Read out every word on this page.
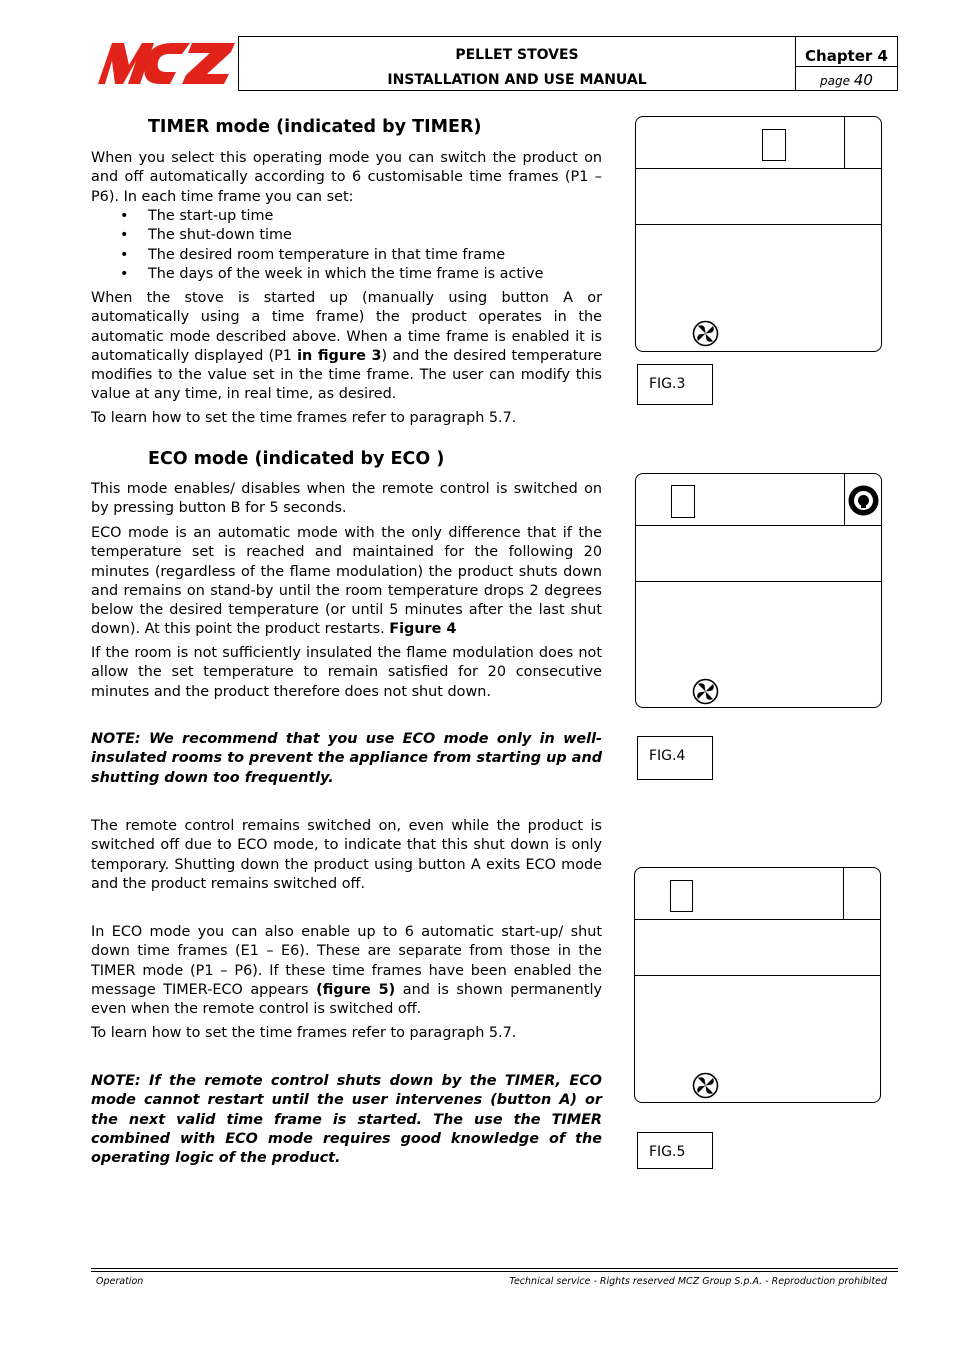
MCZ
PELLET STOVES
INSTALLATION AND USE MANUAL
Chapter 4
page 40
TIMER mode (indicated by TIMER)
When you select this operating mode you can switch the product on and off automatically according to 6 customisable time frames (P1 – P6). In each time frame you can set:
• The start-up time
• The shut-down time
• The desired room temperature in that time frame
• The days of the week in which the time frame is active
When the stove is started up (manually using button A or automatically using a time frame) the product operates in the automatic mode described above. When a time frame is enabled it is automatically displayed (P1 in figure 3) and the desired temperature modifies to the value set in the time frame. The user can modify this value at any time, in real time, as desired.
To learn how to set the time frames refer to paragraph 5.7.
ECO mode (indicated by ECO )
This mode enables/ disables when the remote control is switched on by pressing button B for 5 seconds.
ECO mode is an automatic mode with the only difference that if the temperature set is reached and maintained for the following 20 minutes (regardless of the flame modulation) the product shuts down and remains on stand-by until the room temperature drops 2 degrees below the desired temperature (or until 5 minutes after the last shut down). At this point the product restarts. Figure 4
If the room is not sufficiently insulated the flame modulation does not allow the set temperature to remain satisfied for 20 consecutive minutes and the product therefore does not shut down.
NOTE: We recommend that you use ECO mode only in well-insulated rooms to prevent the appliance from starting up and shutting down too frequently.
The remote control remains switched on, even while the product is switched off due to ECO mode, to indicate that this shut down is only temporary. Shutting down the product using button A exits ECO mode and the product remains switched off.
In ECO mode you can also enable up to 6 automatic start-up/ shut down time frames (E1 – E6). These are separate from those in the TIMER mode (P1 – P6). If these time frames have been enabled the message TIMER-ECO appears (figure 5) and is shown permanently even when the remote control is switched off.
To learn how to set the time frames refer to paragraph 5.7.
NOTE: If the remote control shuts down by the TIMER, ECO mode cannot restart until the user intervenes (button A) or the next valid time frame is started. The use the TIMER combined with ECO mode requires good knowledge of the operating logic of the product.
FIG.3
FIG.4
FIG.5
Operation	Technical service - Rights reserved MCZ Group S.p.A. - Reproduction prohibited
